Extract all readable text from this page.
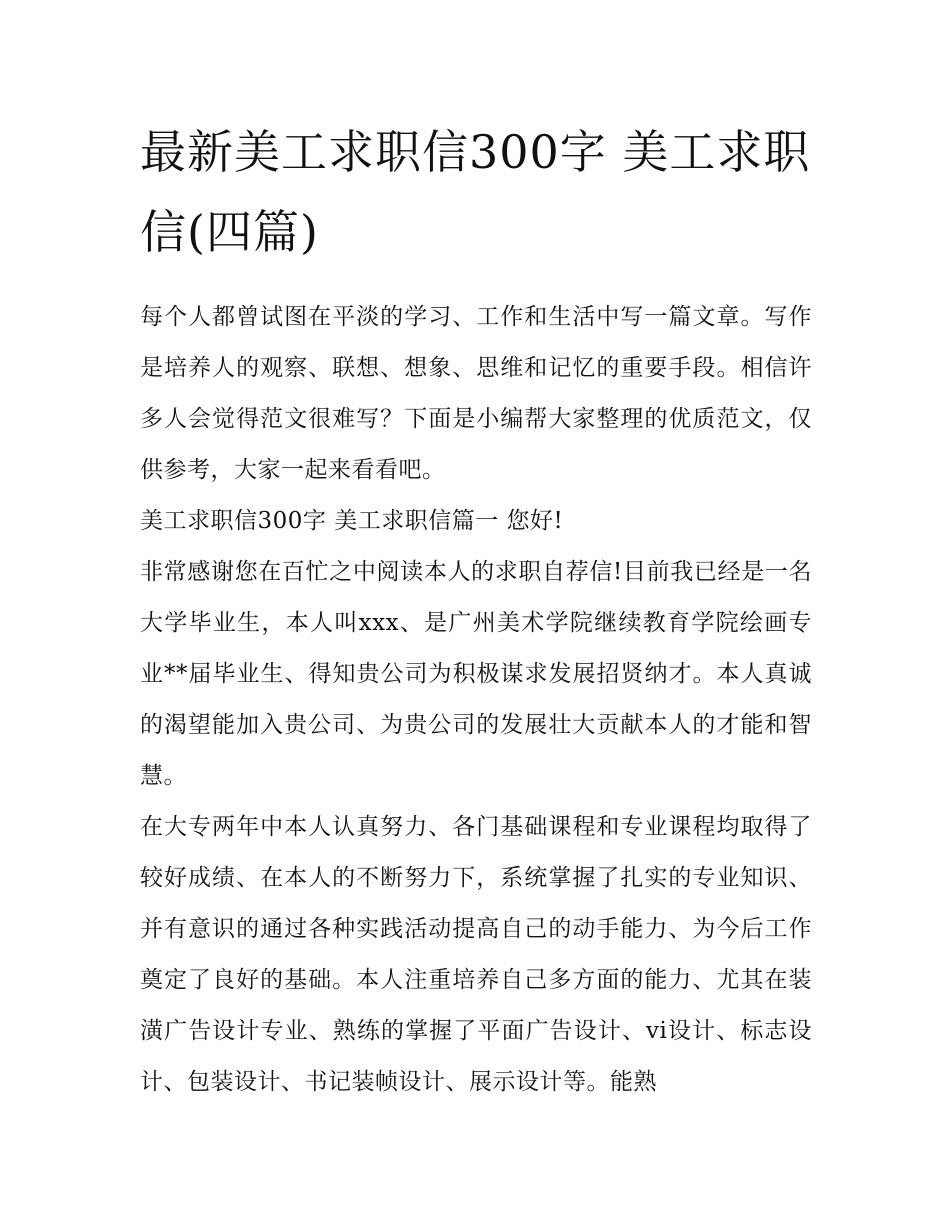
最新美工求职信300字 美工求职信(四篇)

每个人都曾试图在平淡的学习、工作和生活中写一篇文章。写作是培养人的观察、联想、想象、思维和记忆的重要手段。相信许多人会觉得范文很难写？下面是小编帮大家整理的优质范文，仅供参考，大家一起来看看吧。

美工求职信300字 美工求职信篇一 您好!

非常感谢您在百忙之中阅读本人的求职自荐信!目前我已经是一名大学毕业生，本人叫xxx、是广州美术学院继续教育学院绘画专业**届毕业生、得知贵公司为积极谋求发展招贤纳才。本人真诚的渴望能加入贵公司、为贵公司的发展壮大贡献本人的才能和智慧。

在大专两年中本人认真努力、各门基础课程和专业课程均取得了较好成绩、在本人的不断努力下，系统掌握了扎实的专业知识、并有意识的通过各种实践活动提高自己的动手能力、为今后工作奠定了良好的基础。本人注重培养自己多方面的能力、尤其在装潢广告设计专业、熟练的掌握了平面广告设计、vi设计、标志设计、包装设计、书记装帧设计、展示设计等。能熟
